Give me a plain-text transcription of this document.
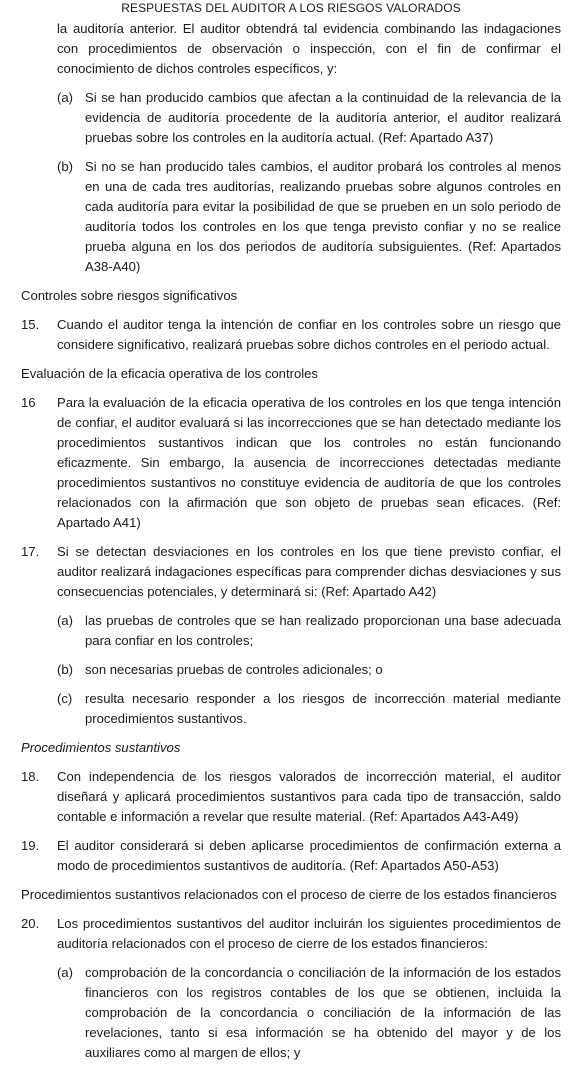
RESPUESTAS DEL AUDITOR A LOS RIESGOS VALORADOS

la auditoría anterior. El auditor obtendrá tal evidencia combinando las indagaciones con procedimientos de observación o inspección, con el fin de confirmar el conocimiento de dichos controles específicos, y:

(a) Si se han producido cambios que afectan a la continuidad de la relevancia de la evidencia de auditoría procedente de la auditoría anterior, el auditor realizará pruebas sobre los controles en la auditoría actual. (Ref: Apartado A37)
(b) Si no se han producido tales cambios, el auditor probará los controles al menos en una de cada tres auditorías, realizando pruebas sobre algunos controles en cada auditoría para evitar la posibilidad de que se prueben en un solo periodo de auditoría todos los controles en los que tenga previsto confiar y no se realice prueba alguna en los dos periodos de auditoría subsiguientes. (Ref: Apartados A38-A40)
Controles sobre riesgos significativos
15. Cuando el auditor tenga la intención de confiar en los controles sobre un riesgo que considere significativo, realizará pruebas sobre dichos controles en el periodo actual.
Evaluación de la eficacia operativa de los controles
16 Para la evaluación de la eficacia operativa de los controles en los que tenga intención de confiar, el auditor evaluará si las incorrecciones que se han detectado mediante los procedimientos sustantivos indican que los controles no están funcionando eficazmente. Sin embargo, la ausencia de incorrecciones detectadas mediante procedimientos sustantivos no constituye evidencia de auditoría de que los controles relacionados con la afirmación que son objeto de pruebas sean eficaces. (Ref: Apartado A41)
17. Si se detectan desviaciones en los controles en los que tiene previsto confiar, el auditor realizará indagaciones específicas para comprender dichas desviaciones y sus consecuencias potenciales, y determinará si: (Ref: Apartado A42)
(a) las pruebas de controles que se han realizado proporcionan una base adecuada para confiar en los controles;
(b) son necesarias pruebas de controles adicionales; o
(c) resulta necesario responder a los riesgos de incorrección material mediante procedimientos sustantivos.
Procedimientos sustantivos
18. Con independencia de los riesgos valorados de incorrección material, el auditor diseñará y aplicará procedimientos sustantivos para cada tipo de transacción, saldo contable e información a revelar que resulte material. (Ref: Apartados A43-A49)
19. El auditor considerará si deben aplicarse procedimientos de confirmación externa a modo de procedimientos sustantivos de auditoría. (Ref: Apartados A50-A53)
Procedimientos sustantivos relacionados con el proceso de cierre de los estados financieros
20. Los procedimientos sustantivos del auditor incluirán los siguientes procedimientos de auditoría relacionados con el proceso de cierre de los estados financieros:
(a) comprobación de la concordancia o conciliación de la información de los estados financieros con los registros contables de los que se obtienen, incluida la comprobación de la concordancia o conciliación de la información de las revelaciones, tanto si esa información se ha obtenido del mayor y de los auxiliares como al margen de ellos; y
